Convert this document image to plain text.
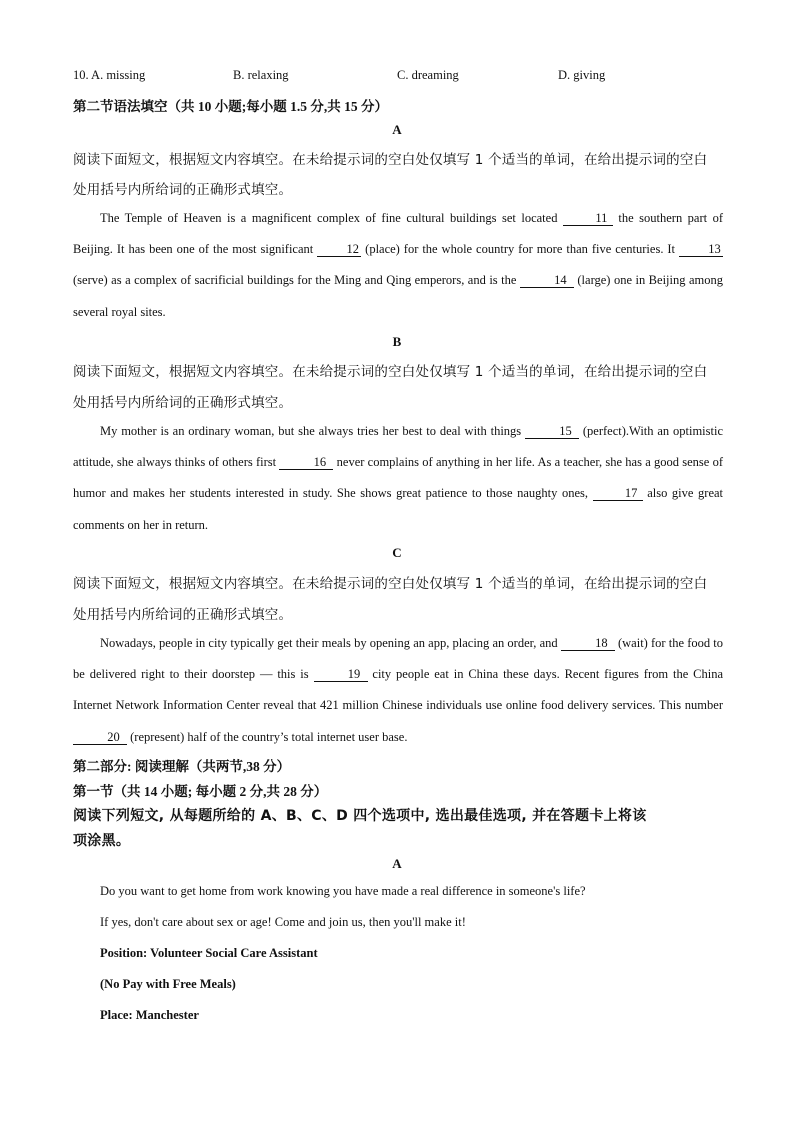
10. A. missing	B. relaxing	C. dreaming	D. giving
第二节语法填空（共 10 小题;每小题 1.5 分,共 15 分）
A
阅读下面短文，根据短文内容填空。在未给提示词的空白处仅填写 1 个适当的单词，在给出提示词的空白
处用括号内所给词的正确形式填空。
The Temple of Heaven is a magnificent complex of fine cultural buildings set located	11 the southern part of Beijing. It has been one of the most significant 12 (place) for the whole country for more than five centuries. It 13 (serve) as a complex of sacrificial buildings for the Ming and Qing emperors, and is the	14 (large) one in Beijing among several royal sites.
B
阅读下面短文，根据短文内容填空。在未给提示词的空白处仅填写 1 个适当的单词，在给出提示词的空白
处用括号内所给词的正确形式填空。
My mother is an ordinary woman, but she always tries her best to deal with things	15 (perfect).With an optimistic attitude, she always thinks of others first	16 never complains of anything in her life. As a teacher, she has a good sense of humor and makes her students interested in study. She shows great patience to those naughty ones,	17 also give great comments on her in return.
C
阅读下面短文，根据短文内容填空。在未给提示词的空白处仅填写 1 个适当的单词，在给出提示词的空白
处用括号内所给词的正确形式填空。
Nowadays, people in city typically get their meals by opening an app, placing an order, and	18 (wait) for the food to be delivered right to their doorstep — this is	19 city people eat in China these days. Recent figures from the China Internet Network Information Center reveal that 421 million Chinese individuals use online food delivery services. This number 20 (represent) half of the country’s total internet user base.
第二部分: 阅读理解（共两节,38 分）
第一节（共 14 小题; 每小题 2 分,共 28 分）
阅读下列短文, 从每题所给的 A、B、C、D 四个选项中, 选出最佳选项, 并在答题卡上将该
项涂黑。
A
Do you want to get home from work knowing you have made a real difference in someone's life?
If yes, don't care about sex or age! Come and join us, then you'll make it!
Position: Volunteer Social Care Assistant
(No Pay with Free Meals)
Place: Manchester
